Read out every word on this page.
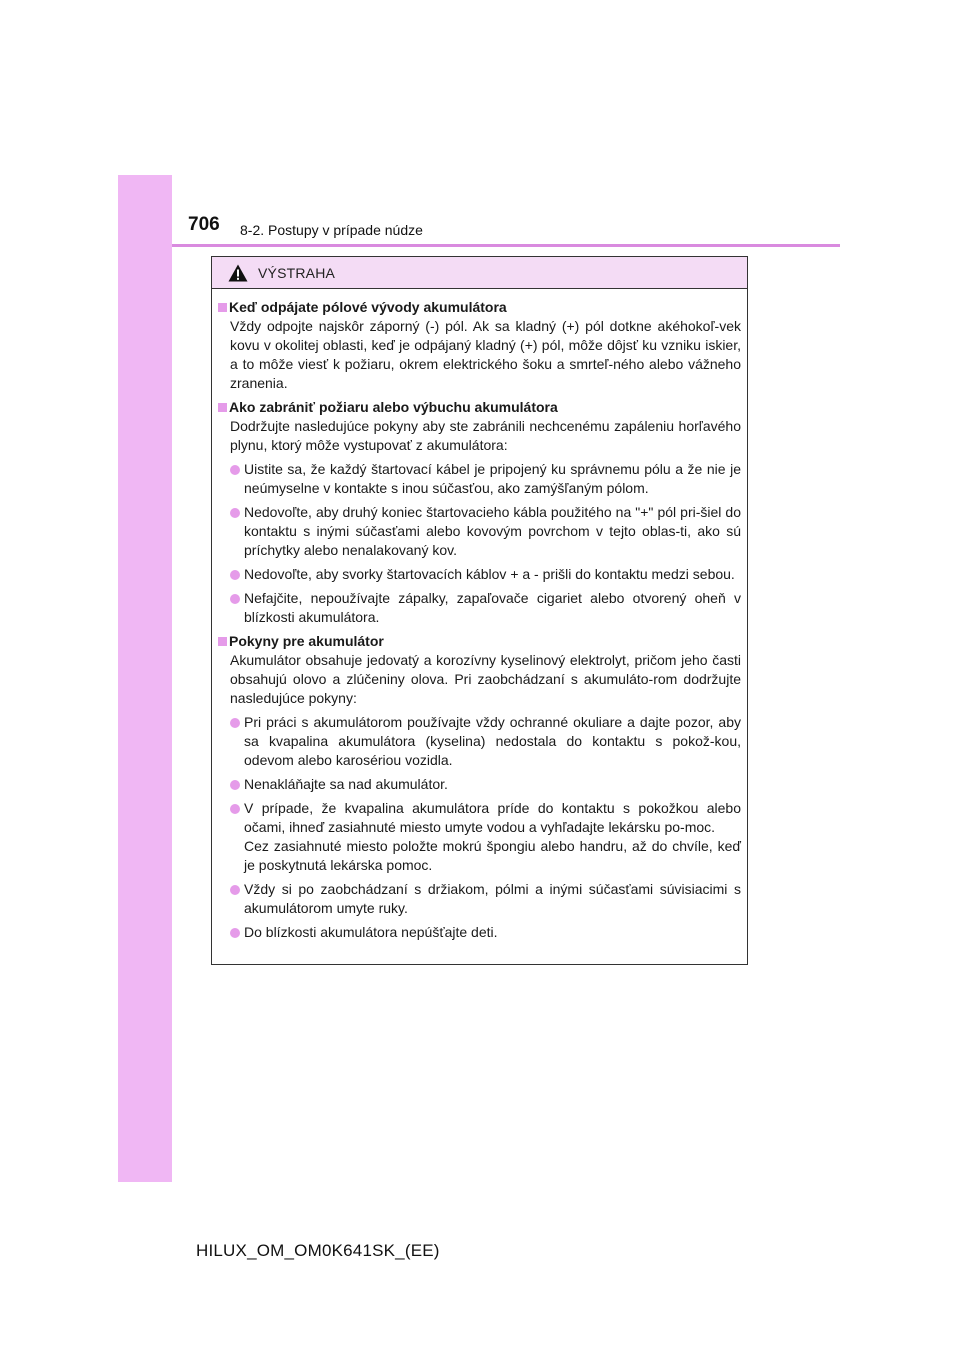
706 8-2. Postupy v prípade núdze
VÝSTRAHA
Keď odpájate pólové vývody akumulátora
Vždy odpojte najskôr záporný (-) pól. Ak sa kladný (+) pól dotkne akéhokoľ-vek kovu v okolitej oblasti, keď je odpájaný kladný (+) pól, môže dôjsť ku vzniku iskier, a to môže viesť k požiaru, okrem elektrického šoku a smrteľ-ného alebo vážneho zranenia.
Ako zabrániť požiaru alebo výbuchu akumulátora
Dodržujte nasledujúce pokyny aby ste zabránili nechcenému zapáleniu horľavého plynu, ktorý môže vystupovať z akumulátora:

Uistite sa, že každý štartovací kábel je pripojený ku správnemu pólu a že nie je neúmyselne v kontakte s inou súčasťou, ako zamýšľaným pólom.

Nedovoľte, aby druhý koniec štartovacieho kábla použitého na "+" pól pri-šiel do kontaktu s inými súčasťami alebo kovovým povrchom v tejto oblas-ti, ako sú príchytky alebo nenalakovaný kov.

Nedovoľte, aby svorky štartovacích káblov + a - prišli do kontaktu medzi sebou.

Nefajčite, nepoužívajte zápalky, zapaľovače cigariet alebo otvorený oheň v blízkosti akumulátora.

Pokyny pre akumulátor
Akumulátor obsahuje jedovatý a korozívny kyselinový elektrolyt, pričom jeho časti obsahujú olovo a zlúčeniny olova. Pri zaobchádzaní s akumuláto-rom dodržujte nasledujúce pokyny:

Pri práci s akumulátorom používajte vždy ochranné okuliare a dajte pozor, aby sa kvapalina akumulátora (kyselina) nedostala do kontaktu s pokož-kou, odevom alebo karosériou vozidla.

Nenakláňajte sa nad akumulátor.

V prípade, že kvapalina akumulátora príde do kontaktu s pokožkou alebo očami, ihneď zasiahnuté miesto umyte vodou a vyhľadajte lekársku po-moc.

Cez zasiahnuté miesto položte mokrú špongiu alebo handru, až do chvíle, keď je poskytnutá lekárska pomoc.

Vždy si po zaobchádzaní s držiakom, pólmi a inými súčasťami súvisiacimi s akumulátorom umyte ruky.

Do blízkosti akumulátora nepúšťajte deti.

HILUX_OM_OM0K641SK_(EE)
